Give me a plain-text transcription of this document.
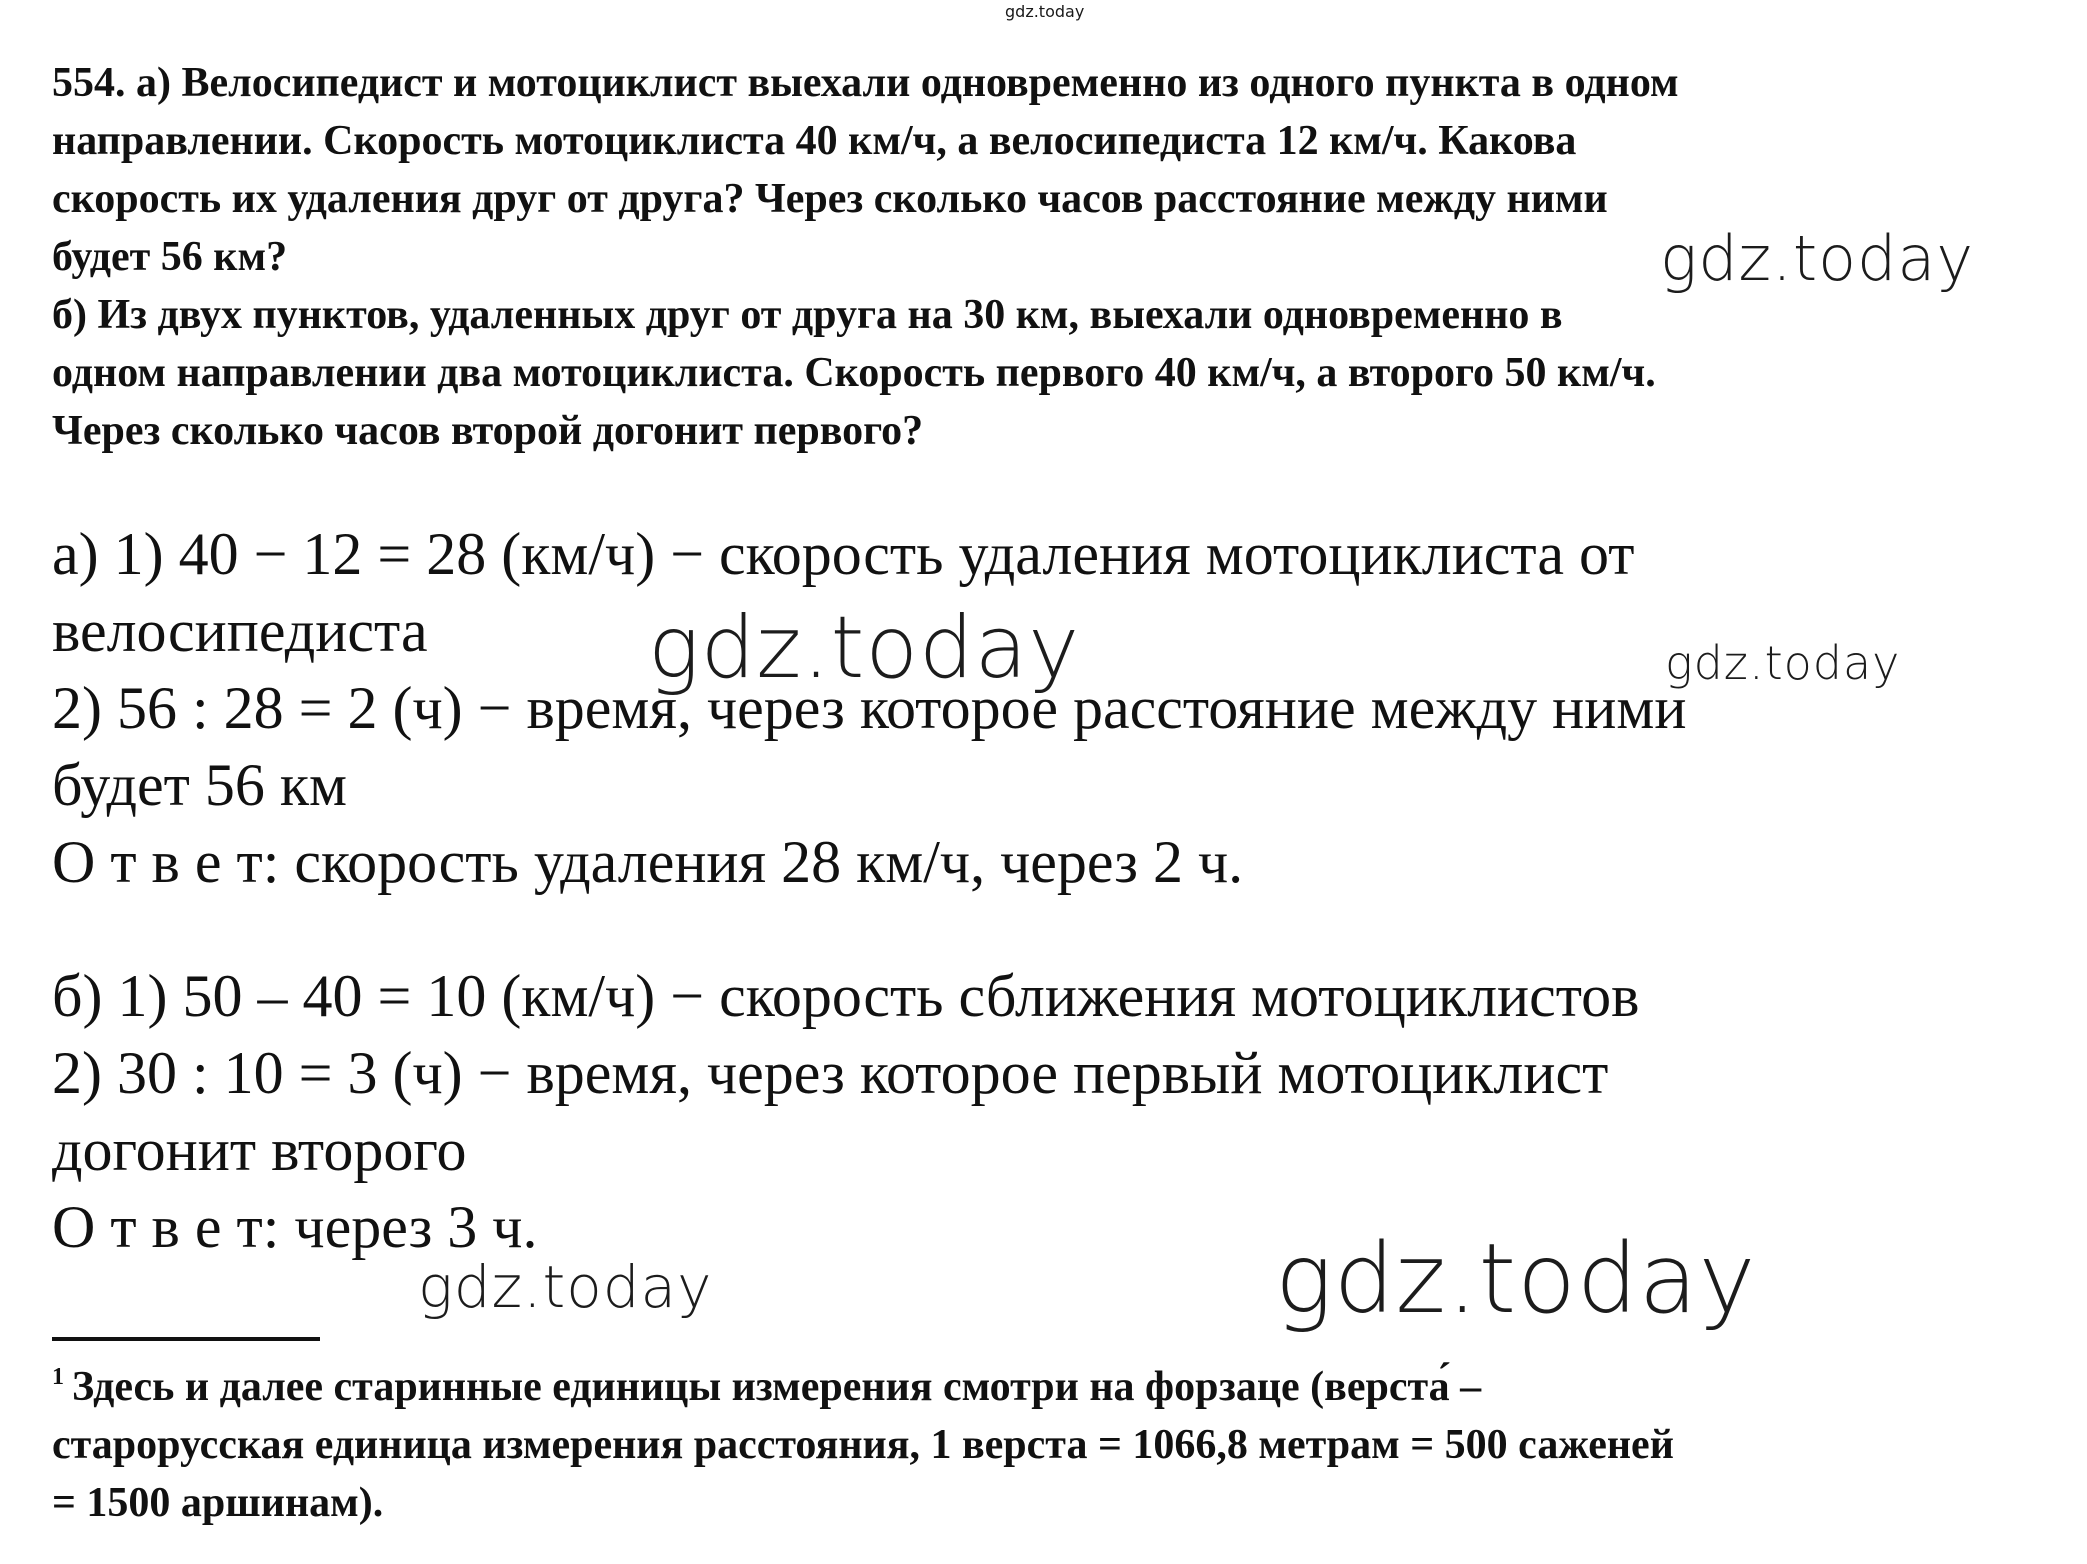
gdz.today

554. а) Велосипедист и мотоциклист выехали одновременно из одного пункта в одном
направлении. Скорость мотоциклиста 40 км/ч, а велосипедиста 12 км/ч. Какова
скорость их удаления друг от друга? Через сколько часов расстояние между ними
будет 56 км?

б) Из двух пунктов, удаленных друг от друга на 30 км, выехали одновременно в
одном направлении два мотоциклиста. Скорость первого 40 км/ч, а второго 50 км/ч.
Через сколько часов второй догонит первого?

а) 1) 40 − 12 = 28 (км/ч) − скорость удаления мотоциклиста от

велосипедиста

2) 56 : 28 = 2 (ч) − время, через которое расстояние между ними

будет 56 км

О т в е т: скорость удаления 28 км/ч, через 2 ч.

б) 1) 50 – 40 = 10 (км/ч) − скорость сближения мотоциклистов

2) 30 : 10 = 3 (ч) − время, через которое первый мотоциклист

догонит второго

О т в е т: через 3 ч.

gdz.today
gdz.today	gdz.today
gdz.today	gdz.today

$^1$ Здесь и далее старинные единицы измерения смотри на форзаце (верста́ –
старорусская единица измерения расстояния, 1 верста = 1066,8 метрам = 500 саженей
= 1500 аршинам).
